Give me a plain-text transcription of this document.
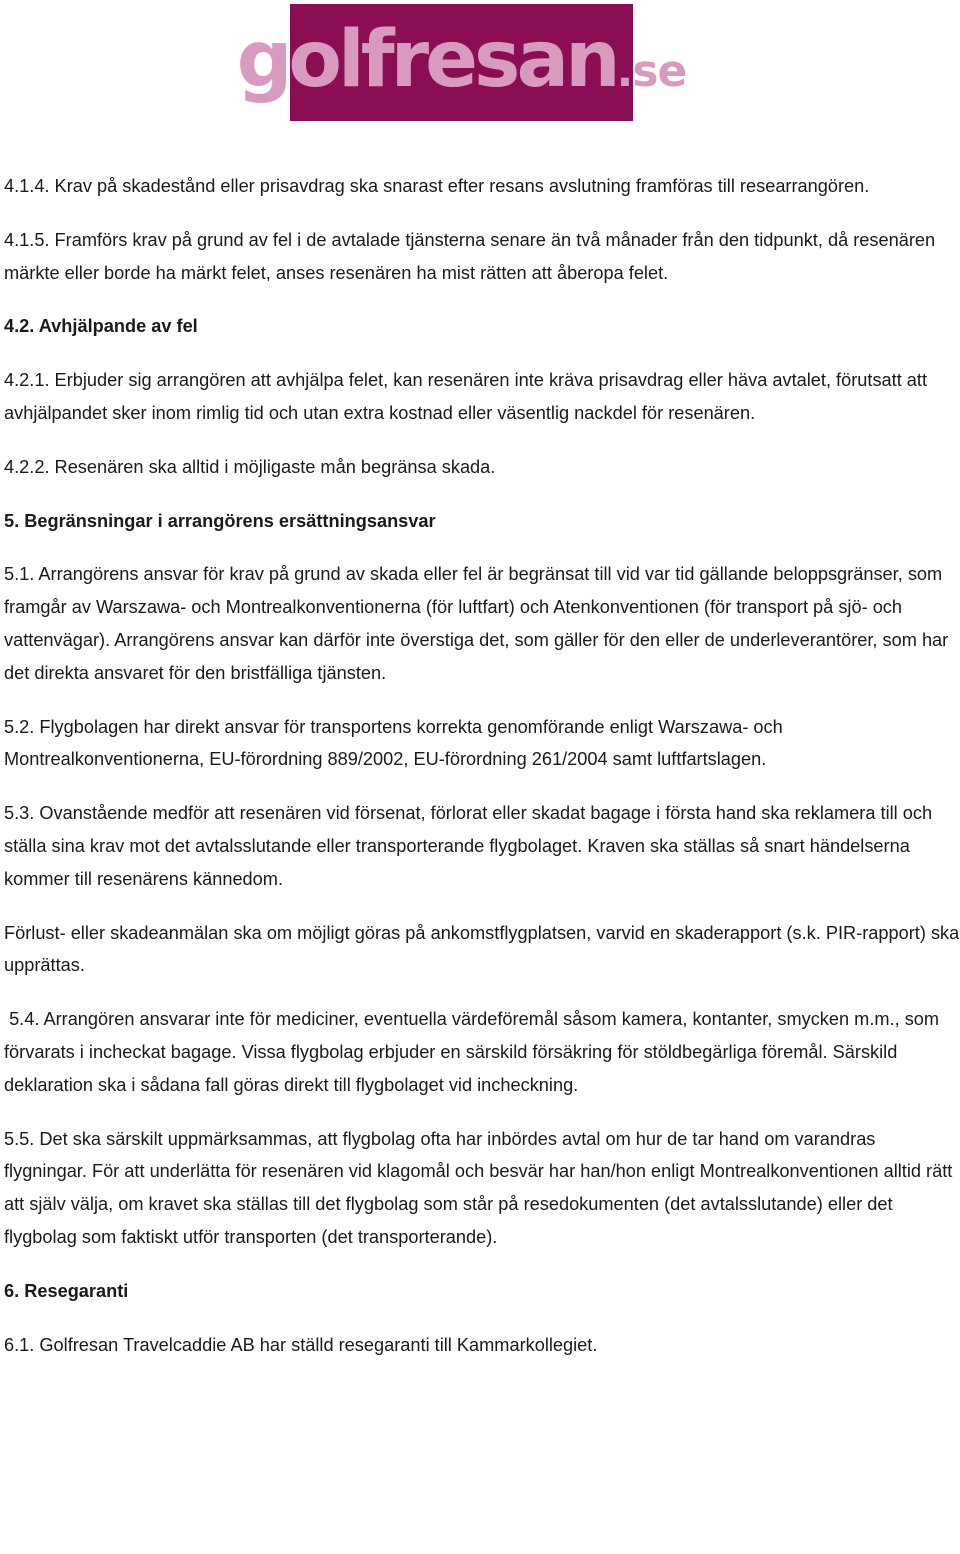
golfresan.se

4.1.4. Krav på skadestånd eller prisavdrag ska snarast efter resans avslutning framföras till researrangören.

4.1.5. Framförs krav på grund av fel i de avtalade tjänsterna senare än två månader från den tidpunkt, då resenären märkte eller borde ha märkt felet, anses resenären ha mist rätten att åberopa felet.

4.2. Avhjälpande av fel

4.2.1. Erbjuder sig arrangören att avhjälpa felet, kan resenären inte kräva prisavdrag eller häva avtalet, förutsatt att avhjälpandet sker inom rimlig tid och utan extra kostnad eller väsentlig nackdel för resenären.

4.2.2. Resenären ska alltid i möjligaste mån begränsa skada.

5. Begränsningar i arrangörens ersättningsansvar

5.1. Arrangörens ansvar för krav på grund av skada eller fel är begränsat till vid var tid gällande beloppsgränser, som framgår av Warszawa- och Montrealkonventionerna (för luftfart) och Atenkonventionen (för transport på sjö- och vattenvägar). Arrangörens ansvar kan därför inte överstiga det, som gäller för den eller de underleverantörer, som har det direkta ansvaret för den bristfälliga tjänsten.

5.2. Flygbolagen har direkt ansvar för transportens korrekta genomförande enligt Warszawa- och Montrealkonventionerna, EU-förordning 889/2002, EU-förordning 261/2004 samt luftfartslagen.

5.3. Ovanstående medför att resenären vid försenat, förlorat eller skadat bagage i första hand ska reklamera till och ställa sina krav mot det avtalsslutande eller transporterande flygbolaget. Kraven ska ställas så snart händelserna kommer till resenärens kännedom.

Förlust- eller skadeanmälan ska om möjligt göras på ankomstflygplatsen, varvid en skaderapport (s.k. PIR-rapport) ska upprättas.

5.4. Arrangören ansvarar inte för mediciner, eventuella värdeföremål såsom kamera, kontanter, smycken m.m., som förvarats i incheckat bagage. Vissa flygbolag erbjuder en särskild försäkring för stöldbegärliga föremål. Särskild deklaration ska i sådana fall göras direkt till flygbolaget vid incheckning.

5.5. Det ska särskilt uppmärksammas, att flygbolag ofta har inbördes avtal om hur de tar hand om varandras flygningar. För att underlätta för resenären vid klagomål och besvär har han/hon enligt Montrealkonventionen alltid rätt att själv välja, om kravet ska ställas till det flygbolag som står på resedokumenten (det avtalsslutande) eller det flygbolag som faktiskt utför transporten (det transporterande).

6. Resegaranti

6.1. Golfresan Travelcaddie AB har ställd resegaranti till Kammarkollegiet.
